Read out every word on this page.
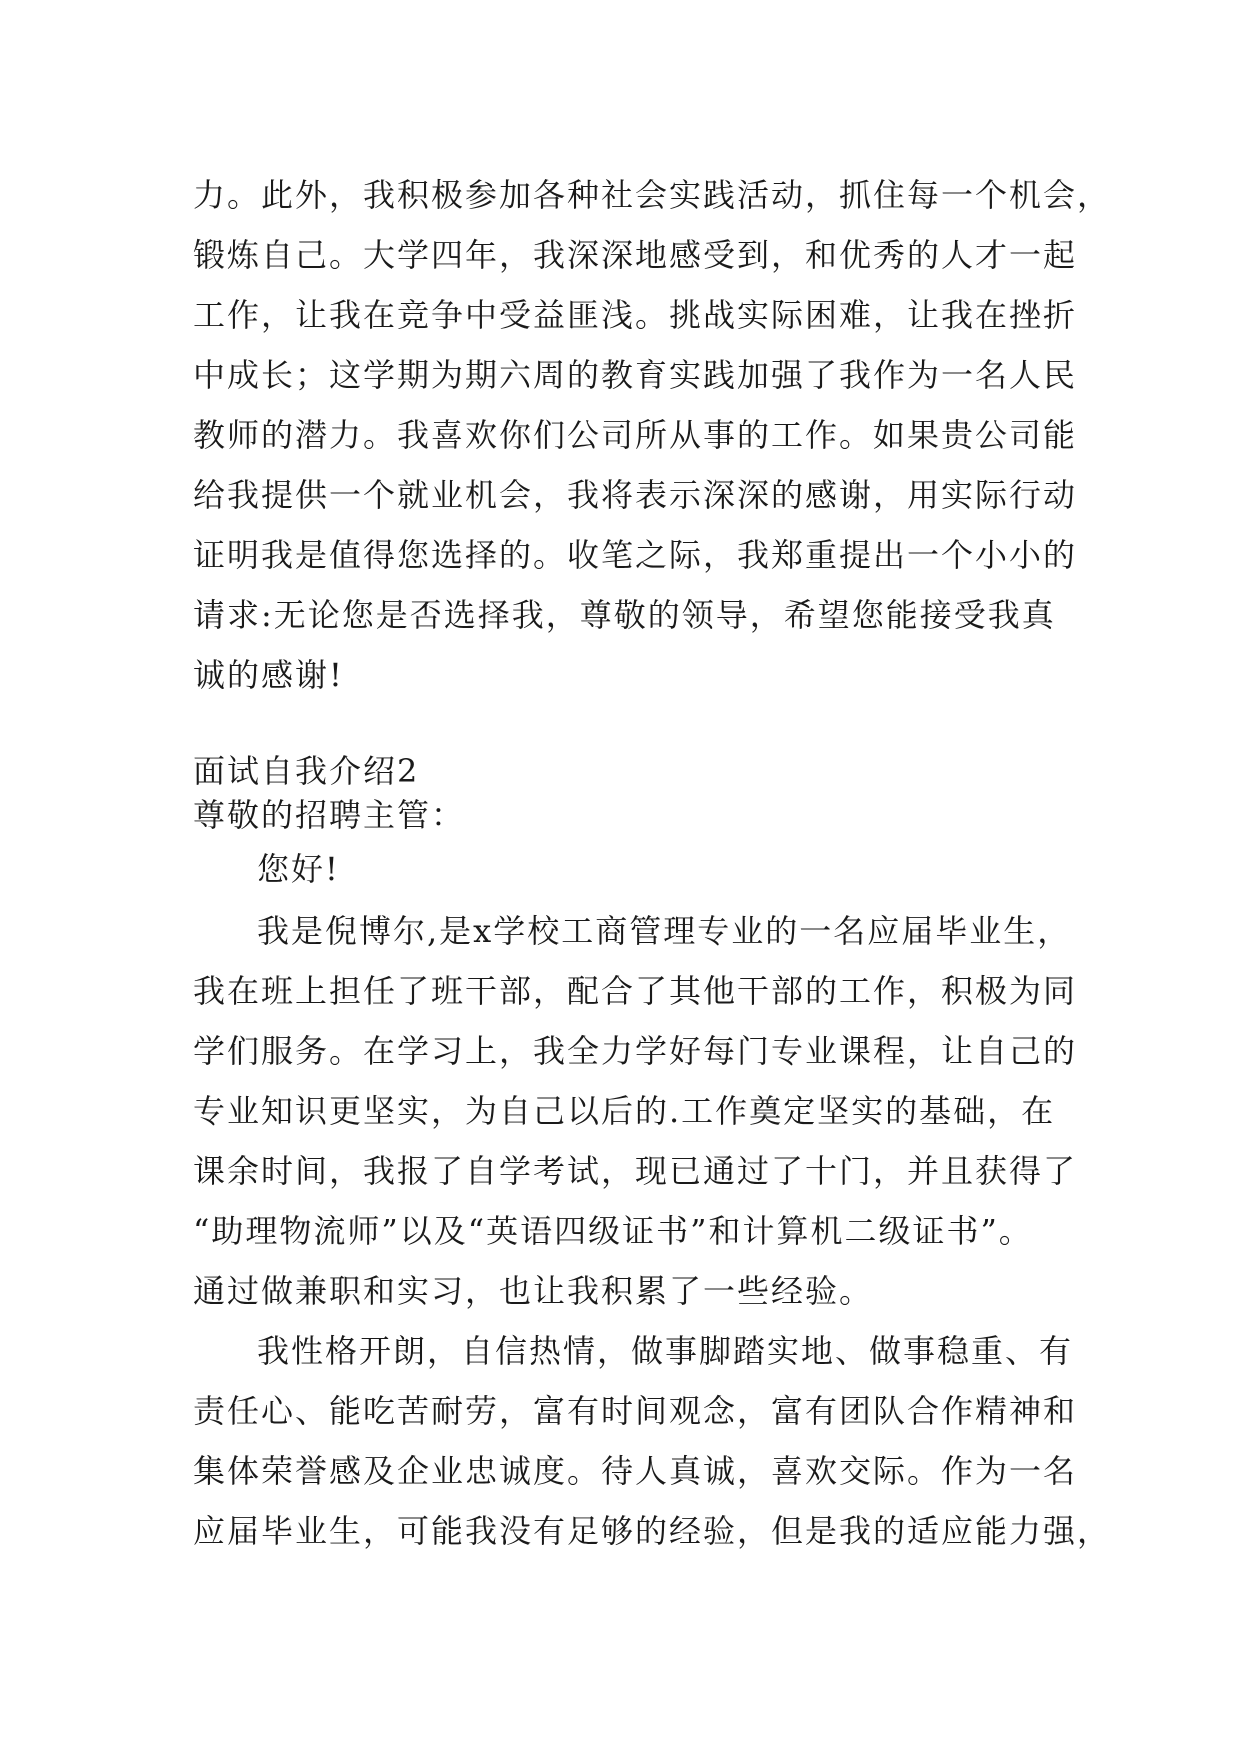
力。此外，我积极参加各种社会实践活动，抓住每一个机会，
锻炼自己。大学四年，我深深地感受到，和优秀的人才一起
工作，让我在竞争中受益匪浅。挑战实际困难，让我在挫折
中成长；这学期为期六周的教育实践加强了我作为一名人民
教师的潜力。我喜欢你们公司所从事的工作。如果贵公司能
给我提供一个就业机会，我将表示深深的感谢，用实际行动
证明我是值得您选择的。收笔之际，我郑重提出一个小小的
请求:无论您是否选择我，尊敬的领导，希望您能接受我真
诚的感谢!
面试自我介绍2
尊敬的招聘主管：
您好!
我是倪博尔,是x学校工商管理专业的一名应届毕业生，
我在班上担任了班干部，配合了其他干部的工作，积极为同
学们服务。在学习上，我全力学好每门专业课程，让自己的
专业知识更坚实，为自己以后的.工作奠定坚实的基础，在
课余时间，我报了自学考试，现已通过了十门，并且获得了
“助理物流师”以及“英语四级证书”和计算机二级证书”。
通过做兼职和实习，也让我积累了一些经验。
我性格开朗，自信热情，做事脚踏实地、做事稳重、有
责任心、能吃苦耐劳，富有时间观念，富有团队合作精神和
集体荣誉感及企业忠诚度。待人真诚，喜欢交际。作为一名
应届毕业生，可能我没有足够的经验，但是我的适应能力强，
